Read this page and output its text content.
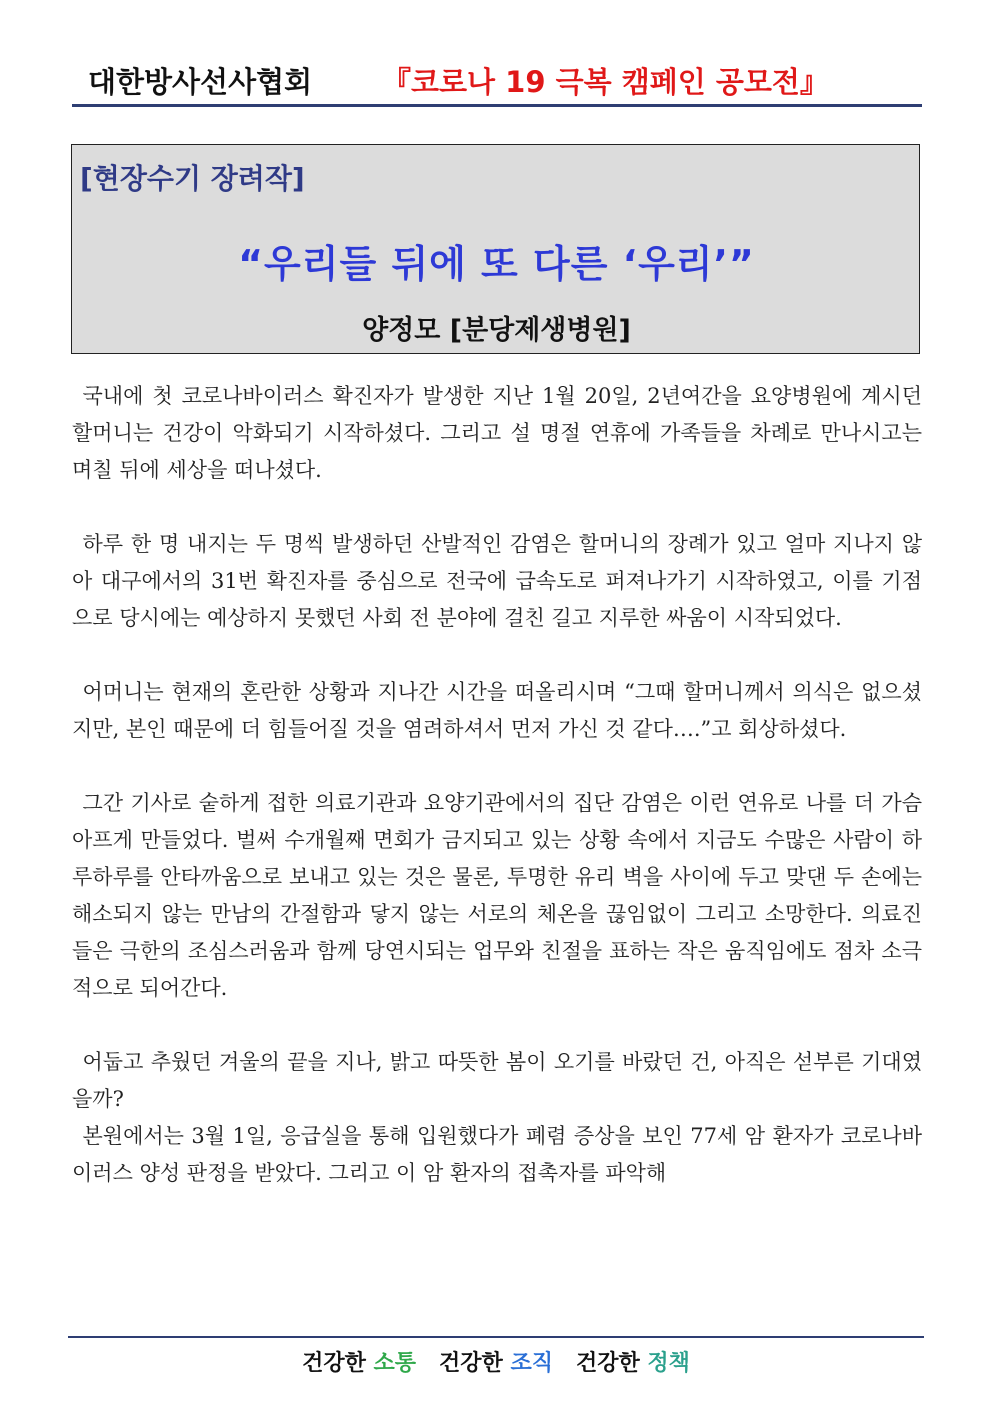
대한방사선사협회 『코로나 19 극복 캠페인 공모전』
[현장수기 장려작]
“우리들 뒤에 또 다른 ‘우리’”
양정모 [분당제생병원]

국내에 첫 코로나바이러스 확진자가 발생한 지난 1월 20일, 2년여간을 요양병원에 계시던 할머니는 건강이 악화되기 시작하셨다. 그리고 설 명절 연휴에 가족들을 차례로 만나시고는 며칠 뒤에 세상을 떠나셨다.

하루 한 명 내지는 두 명씩 발생하던 산발적인 감염은 할머니의 장례가 있고 얼마 지나지 않아 대구에서의 31번 확진자를 중심으로 전국에 급속도로 퍼져나가기 시작하였고, 이를 기점으로 당시에는 예상하지 못했던 사회 전 분야에 걸친 길고 지루한 싸움이 시작되었다.

어머니는 현재의 혼란한 상황과 지나간 시간을 떠올리시며 “그때 할머니께서 의식은 없으셨지만, 본인 때문에 더 힘들어질 것을 염려하셔서 먼저 가신 것 같다….”고 회상하셨다.

그간 기사로 숱하게 접한 의료기관과 요양기관에서의 집단 감염은 이런 연유로 나를 더 가슴 아프게 만들었다. 벌써 수개월째 면회가 금지되고 있는 상황 속에서 지금도 수많은 사람이 하루하루를 안타까움으로 보내고 있는 것은 물론, 투명한 유리 벽을 사이에 두고 맞댄 두 손에는 해소되지 않는 만남의 간절함과 닿지 않는 서로의 체온을 끊임없이 그리고 소망한다. 의료진들은 극한의 조심스러움과 함께 당연시되는 업무와 친절을 표하는 작은 움직임에도 점차 소극적으로 되어간다.

어둡고 추웠던 겨울의 끝을 지나, 밝고 따뜻한 봄이 오기를 바랐던 건, 아직은 섣부른 기대였을까?

본원에서는 3월 1일, 응급실을 통해 입원했다가 폐렴 증상을 보인 77세 암 환자가 코로나바이러스 양성 판정을 받았다. 그리고 이 암 환자의 접촉자를 파악해

건강한 소통 건강한 조직 건강한 정책
